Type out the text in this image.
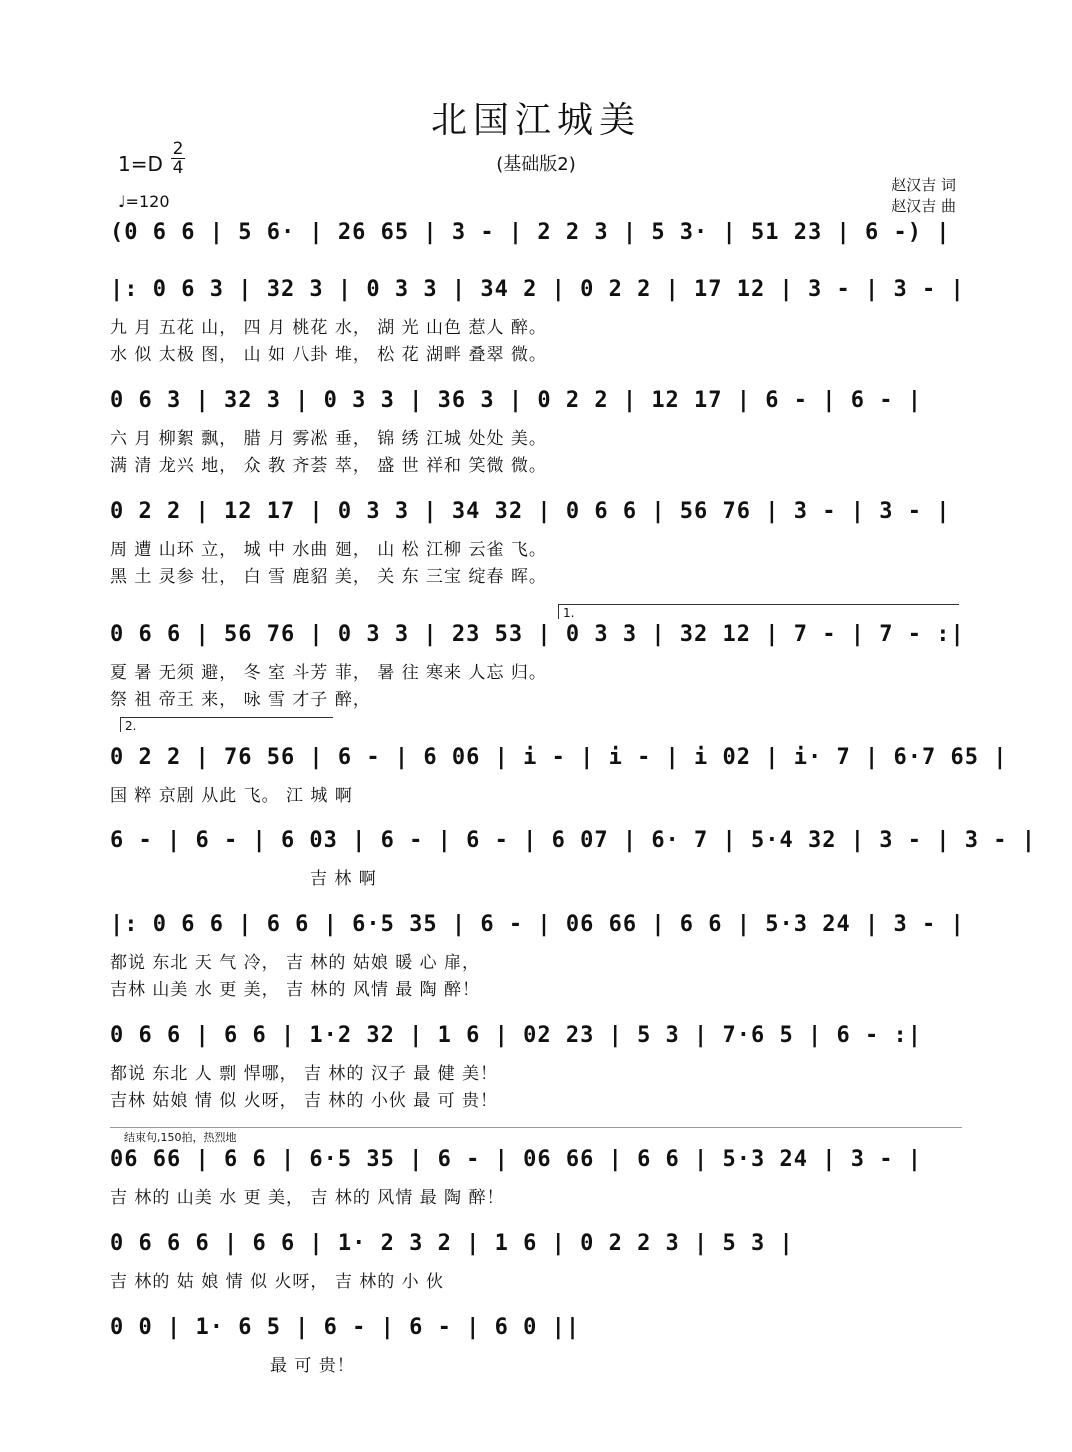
北国江城美
(基础版2)
1=D
2
4
♩=120
赵汉吉 词
赵汉吉 曲
(0 6 6 | 5 6· | 26 65 | 3 - | 2 2 3 | 5 3· | 51 23 | 6 -) |
|: 0 6 3 | 32 3 | 0 3 3 | 34 2 | 0 2 2 | 17 12 | 3 - | 3 - |
九 月 五花 山， 四 月 桃花 水， 湖 光 山色 惹人 醉。
水 似 太极 图， 山 如 八卦 堆， 松 花 湖畔 叠翠 微。
0 6 3 | 32 3 | 0 3 3 | 36 3 | 0 2 2 | 12 17 | 6 - | 6 - |
六 月 柳絮 飘， 腊 月 雾凇 垂， 锦 绣 江城 处处 美。
满 清 龙兴 地， 众 教 齐荟 萃， 盛 世 祥和 笑微 微。
0 2 2 | 12 17 | 0 3 3 | 34 32 | 0 6 6 | 56 76 | 3 - | 3 - |
周 遭 山环 立， 城 中 水曲 廻， 山 松 江柳 云雀 飞。
黑 土 灵参 壮， 白 雪 鹿貂 美， 关 东 三宝 绽春 晖。
1.
0 6 6 | 56 76 | 0 3 3 | 23 53 | 0 3 3 | 32 12 | 7 - | 7 - :|
夏 暑 无须 避， 冬 室 斗芳 菲， 暑 往 寒来 人忘 归。
祭 祖 帝王 来， 咏 雪 才子 醉，
2.
0 2 2 | 76 56 | 6 - | 6 06 | i - | i - | i 02 | i· 7 | 6·7 65 |
国 粹 京剧 从此 飞。 江 城 啊
6 - | 6 - | 6 03 | 6 - | 6 - | 6 07 | 6· 7 | 5·4 32 | 3 - | 3 - |
吉 林 啊
|: 0 6 6 | 6 6 | 6·5 35 | 6 - | 06 66 | 6 6 | 5·3 24 | 3 - |
都说 东北 天 气 冷， 吉 林的 姑娘 暖 心 扉，
吉林 山美 水 更 美， 吉 林的 风情 最 陶 醉！
0 6 6 | 6 6 | 1·2 32 | 1 6 | 02 23 | 5 3 | 7·6 5 | 6 - :|
都说 东北 人 剽 悍哪， 吉 林的 汉子 最 健 美！
吉林 姑娘 情 似 火呀， 吉 林的 小伙 最 可 贵！
结束句,150拍，热烈地
06 66 | 6 6 | 6·5 35 | 6 - | 06 66 | 6 6 | 5·3 24 | 3 - |
吉 林的 山美 水 更 美， 吉 林的 风情 最 陶 醉！
0 6 6 6 | 6 6 | 1· 2 3 2 | 1 6 | 0 2 2 3 | 5 3 |
吉 林的 姑 娘 情 似 火呀， 吉 林的 小 伙
0 0 | 1· 6 5 | 6 - | 6 - | 6 0 ||
最 可 贵！
